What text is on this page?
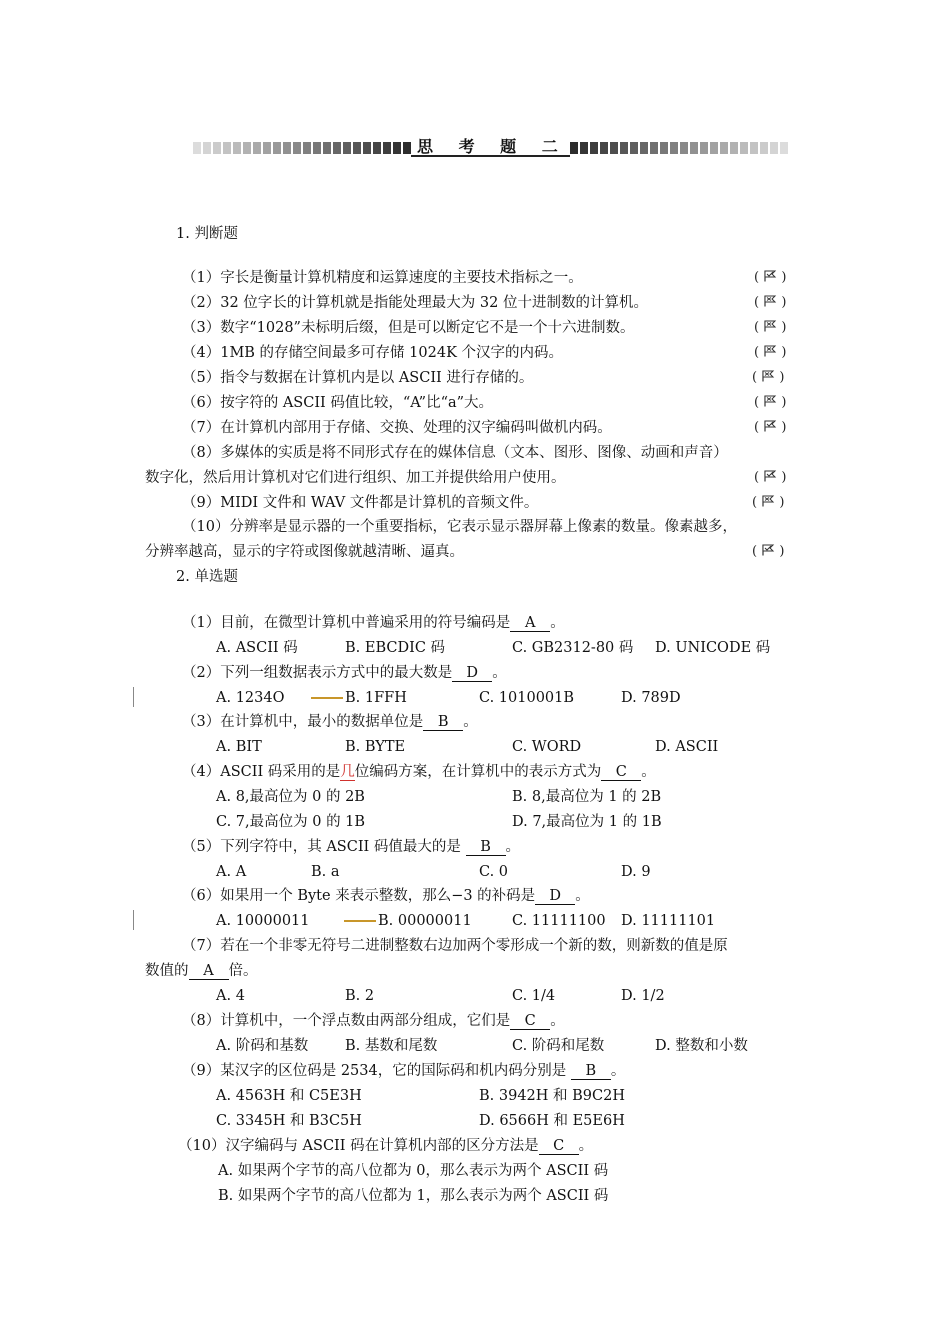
思 考 题 二
1. 判断题
（1）字长是衡量计算机精度和运算速度的主要技术指标之一。	(  )
（2）32 位字长的计算机就是指能处理最大为 32 位十进制数的计算机。	(  )
（3）数字“1028”未标明后缀，但是可以断定它不是一个十六进制数。	(  )
（4）1MB 的存储空间最多可存储 1024K 个汉字的内码。	(  )
（5）指令与数据在计算机内是以 ASCII 进行存储的。	(  )
（6）按字符的 ASCII 码值比较，“A”比“a”大。	(  )
（7）在计算机内部用于存储、交换、处理的汉字编码叫做机内码。	(  )
（8）多媒体的实质是将不同形式存在的媒体信息（文本、图形、图像、动画和声音）
数字化，然后用计算机对它们进行组织、加工并提供给用户使用。	(  )
（9）MIDI 文件和 WAV 文件都是计算机的音频文件。	(  )
（10）分辨率是显示器的一个重要指标，它表示显示器屏幕上像素的数量。像素越多，
分辨率越高，显示的字符或图像就越清晰、逼真。	(  )
2. 单选题
（1）目前，在微型计算机中普遍采用的符号编码是 A 。
A. ASCII 码	B. EBCDIC 码	C. GB2312-80 码 D. UNICODE 码
（2）下列一组数据表示方式中的最大数是 D 。
A. 1234O	B. 1FFH	C. 1010001B	D. 789D
（3）在计算机中，最小的数据单位是 B 。
A. BIT	B. BYTE	C. WORD	D. ASCII
（4）ASCII 码采用的是几位编码方案，在计算机中的表示方式为 C 。
A. 8,最高位为 0 的 2B	B. 8,最高位为 1 的 2B
C. 7,最高位为 0 的 1B	D. 7,最高位为 1 的 1B
（5）下列字符中，其 ASCII 码值最大的是 B 。
A. A	B. a	C. 0	D. 9
（6）如果用一个 Byte 来表示整数，那么−3 的补码是 D 。
A. 10000011	B. 00000011	C. 11111100 D. 11111101
（7）若在一个非零无符号二进制整数右边加两个零形成一个新的数，则新数的值是原
数值的 A 倍。
A. 4	B. 2	C. 1/4	D. 1/2
（8）计算机中，一个浮点数由两部分组成，它们是 C 。
A. 阶码和基数	B. 基数和尾数	C. 阶码和尾数	D. 整数和小数
（9）某汉字的区位码是 2534，它的国际码和机内码分别是 B 。
A. 4563H 和 C5E3H	B. 3942H 和 B9C2H
C. 3345H 和 B3C5H	D. 6566H 和 E5E6H
（10）汉字编码与 ASCII 码在计算机内部的区分方法是 C 。
A. 如果两个字节的高八位都为 0，那么表示为两个 ASCII 码
B. 如果两个字节的高八位都为 1，那么表示为两个 ASCII 码
